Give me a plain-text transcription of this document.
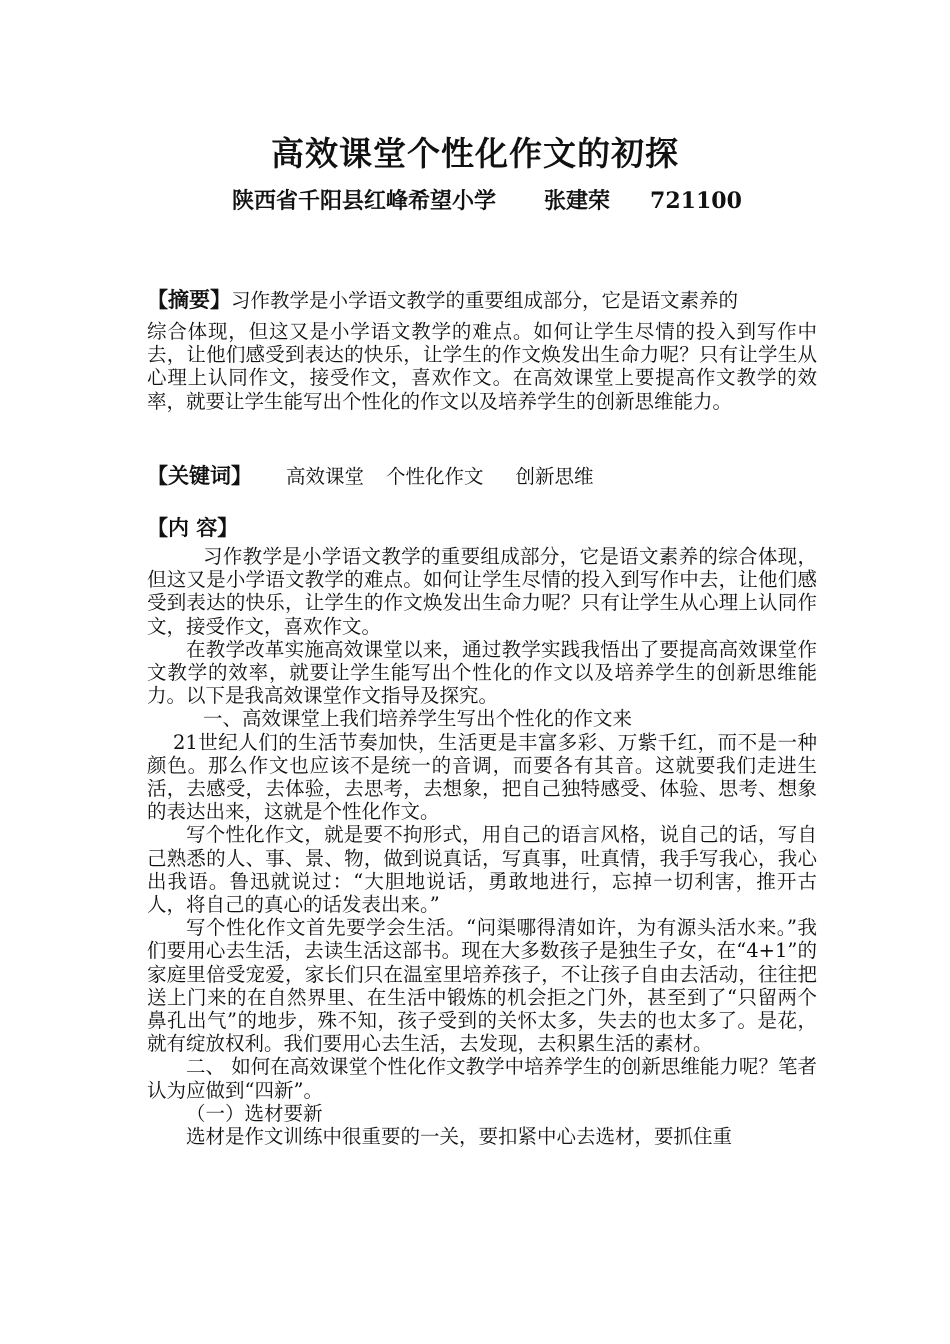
高效课堂个性化作文的初探
陕西省千阳县红峰希望小学 张建荣 721100

【摘要】习作教学是小学语文教学的重要组成部分，它是语文素养的

综合体现，但这又是小学语文教学的难点。如何让学生尽情的投入到写作中去，让他们感受到表达的快乐，让学生的作文焕发出生命力呢？只有让学生从心理上认同作文，接受作文，喜欢作文。在高效课堂上要提高作文教学的效率，就要让学生能写出个性化的作文以及培养学生的创新思维能力。

【关键词】 高效课堂 个性化作文 创新思维
【内 容】

习作教学是小学语文教学的重要组成部分，它是语文素养的综合体现，但这又是小学语文教学的难点。如何让学生尽情的投入到写作中去，让他们感受到表达的快乐，让学生的作文焕发出生命力呢？只有让学生从心理上认同作文，接受作文，喜欢作文。

在教学改革实施高效课堂以来，通过教学实践我悟出了要提高高效课堂作文教学的效率，就要让学生能写出个性化的作文以及培养学生的创新思维能力。以下是我高效课堂作文指导及探究。

一、高效课堂上我们培养学生写出个性化的作文来

21世纪人们的生活节奏加快，生活更是丰富多彩、万紫千红，而不是一种颜色。那么作文也应该不是统一的音调，而要各有其音。这就要我们走进生活，去感受，去体验，去思考，去想象，把自己独特感受、体验、思考、想象的表达出来，这就是个性化作文。

写个性化作文，就是要不拘形式，用自己的语言风格，说自己的话，写自己熟悉的人、事、景、物，做到说真话，写真事，吐真情，我手写我心，我心出我语。鲁迅就说过：“大胆地说话，勇敢地进行，忘掉一切利害，推开古人，将自己的真心的话发表出来。”

写个性化作文首先要学会生活。“问渠哪得清如许，为有源头活水来。”我们要用心去生活，去读生活这部书。现在大多数孩子是独生子女，在“4+1”的家庭里倍受宠爱，家长们只在温室里培养孩子，不让孩子自由去活动，往往把送上门来的在自然界里、在生活中锻炼的机会拒之门外，甚至到了“只留两个鼻孔出气”的地步，殊不知，孩子受到的关怀太多，失去的也太多了。是花，就有绽放权利。我们要用心去生活，去发现，去积累生活的素材。

二、 如何在高效课堂个性化作文教学中培养学生的创新思维能力呢？笔者认为应做到“四新”。

（一）选材要新

选材是作文训练中很重要的一关，要扣紧中心去选材，要抓住重
